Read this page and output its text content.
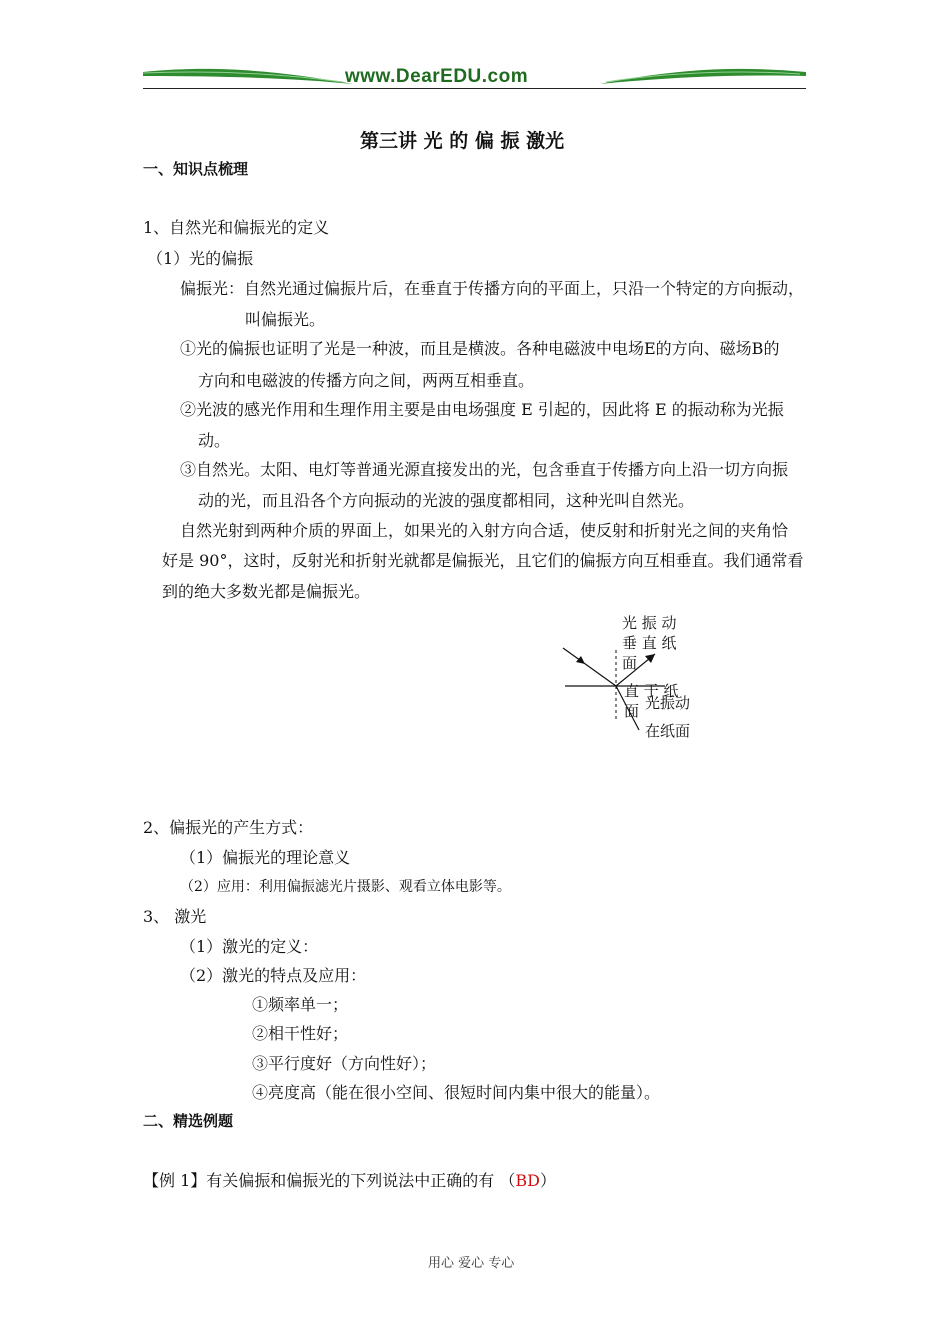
www.DearEDU.com
第三讲 光 的 偏 振 激光
一、知识点梳理
1、自然光和偏振光的定义
（1）光的偏振
偏振光：自然光通过偏振片后，在垂直于传播方向的平面上，只沿一个特定的方向振动，
叫偏振光。
①光的偏振也证明了光是一种波，而且是横波。各种电磁波中电场E的方向、磁场B的
方向和电磁波的传播方向之间，两两互相垂直。
②光波的感光作用和生理作用主要是由电场强度 E 引起的，因此将 E 的振动称为光振
动。
③自然光。太阳、电灯等普通光源直接发出的光，包含垂直于传播方向上沿一切方向振
动的光，而且沿各个方向振动的光波的强度都相同，这种光叫自然光。
自然光射到两种介质的界面上，如果光的入射方向合适，使反射和折射光之间的夹角恰
好是 90°，这时，反射光和折射光就都是偏振光，且它们的偏振方向互相垂直。我们通常看
到的绝大多数光都是偏振光。
光 振 动
垂 直 纸
面
直 于 纸
面 光振动
在纸面
2、偏振光的产生方式：
（1）偏振光的理论意义
（2）应用：利用偏振滤光片摄影、观看立体电影等。
3、 激光
（1）激光的定义：
（2）激光的特点及应用：
①频率单一；
②相干性好；
③平行度好（方向性好）；
④亮度高（能在很小空间、很短时间内集中很大的能量）。
二、精选例题
【例 1】有关偏振和偏振光的下列说法中正确的有 （BD）
用心 爱心 专心
